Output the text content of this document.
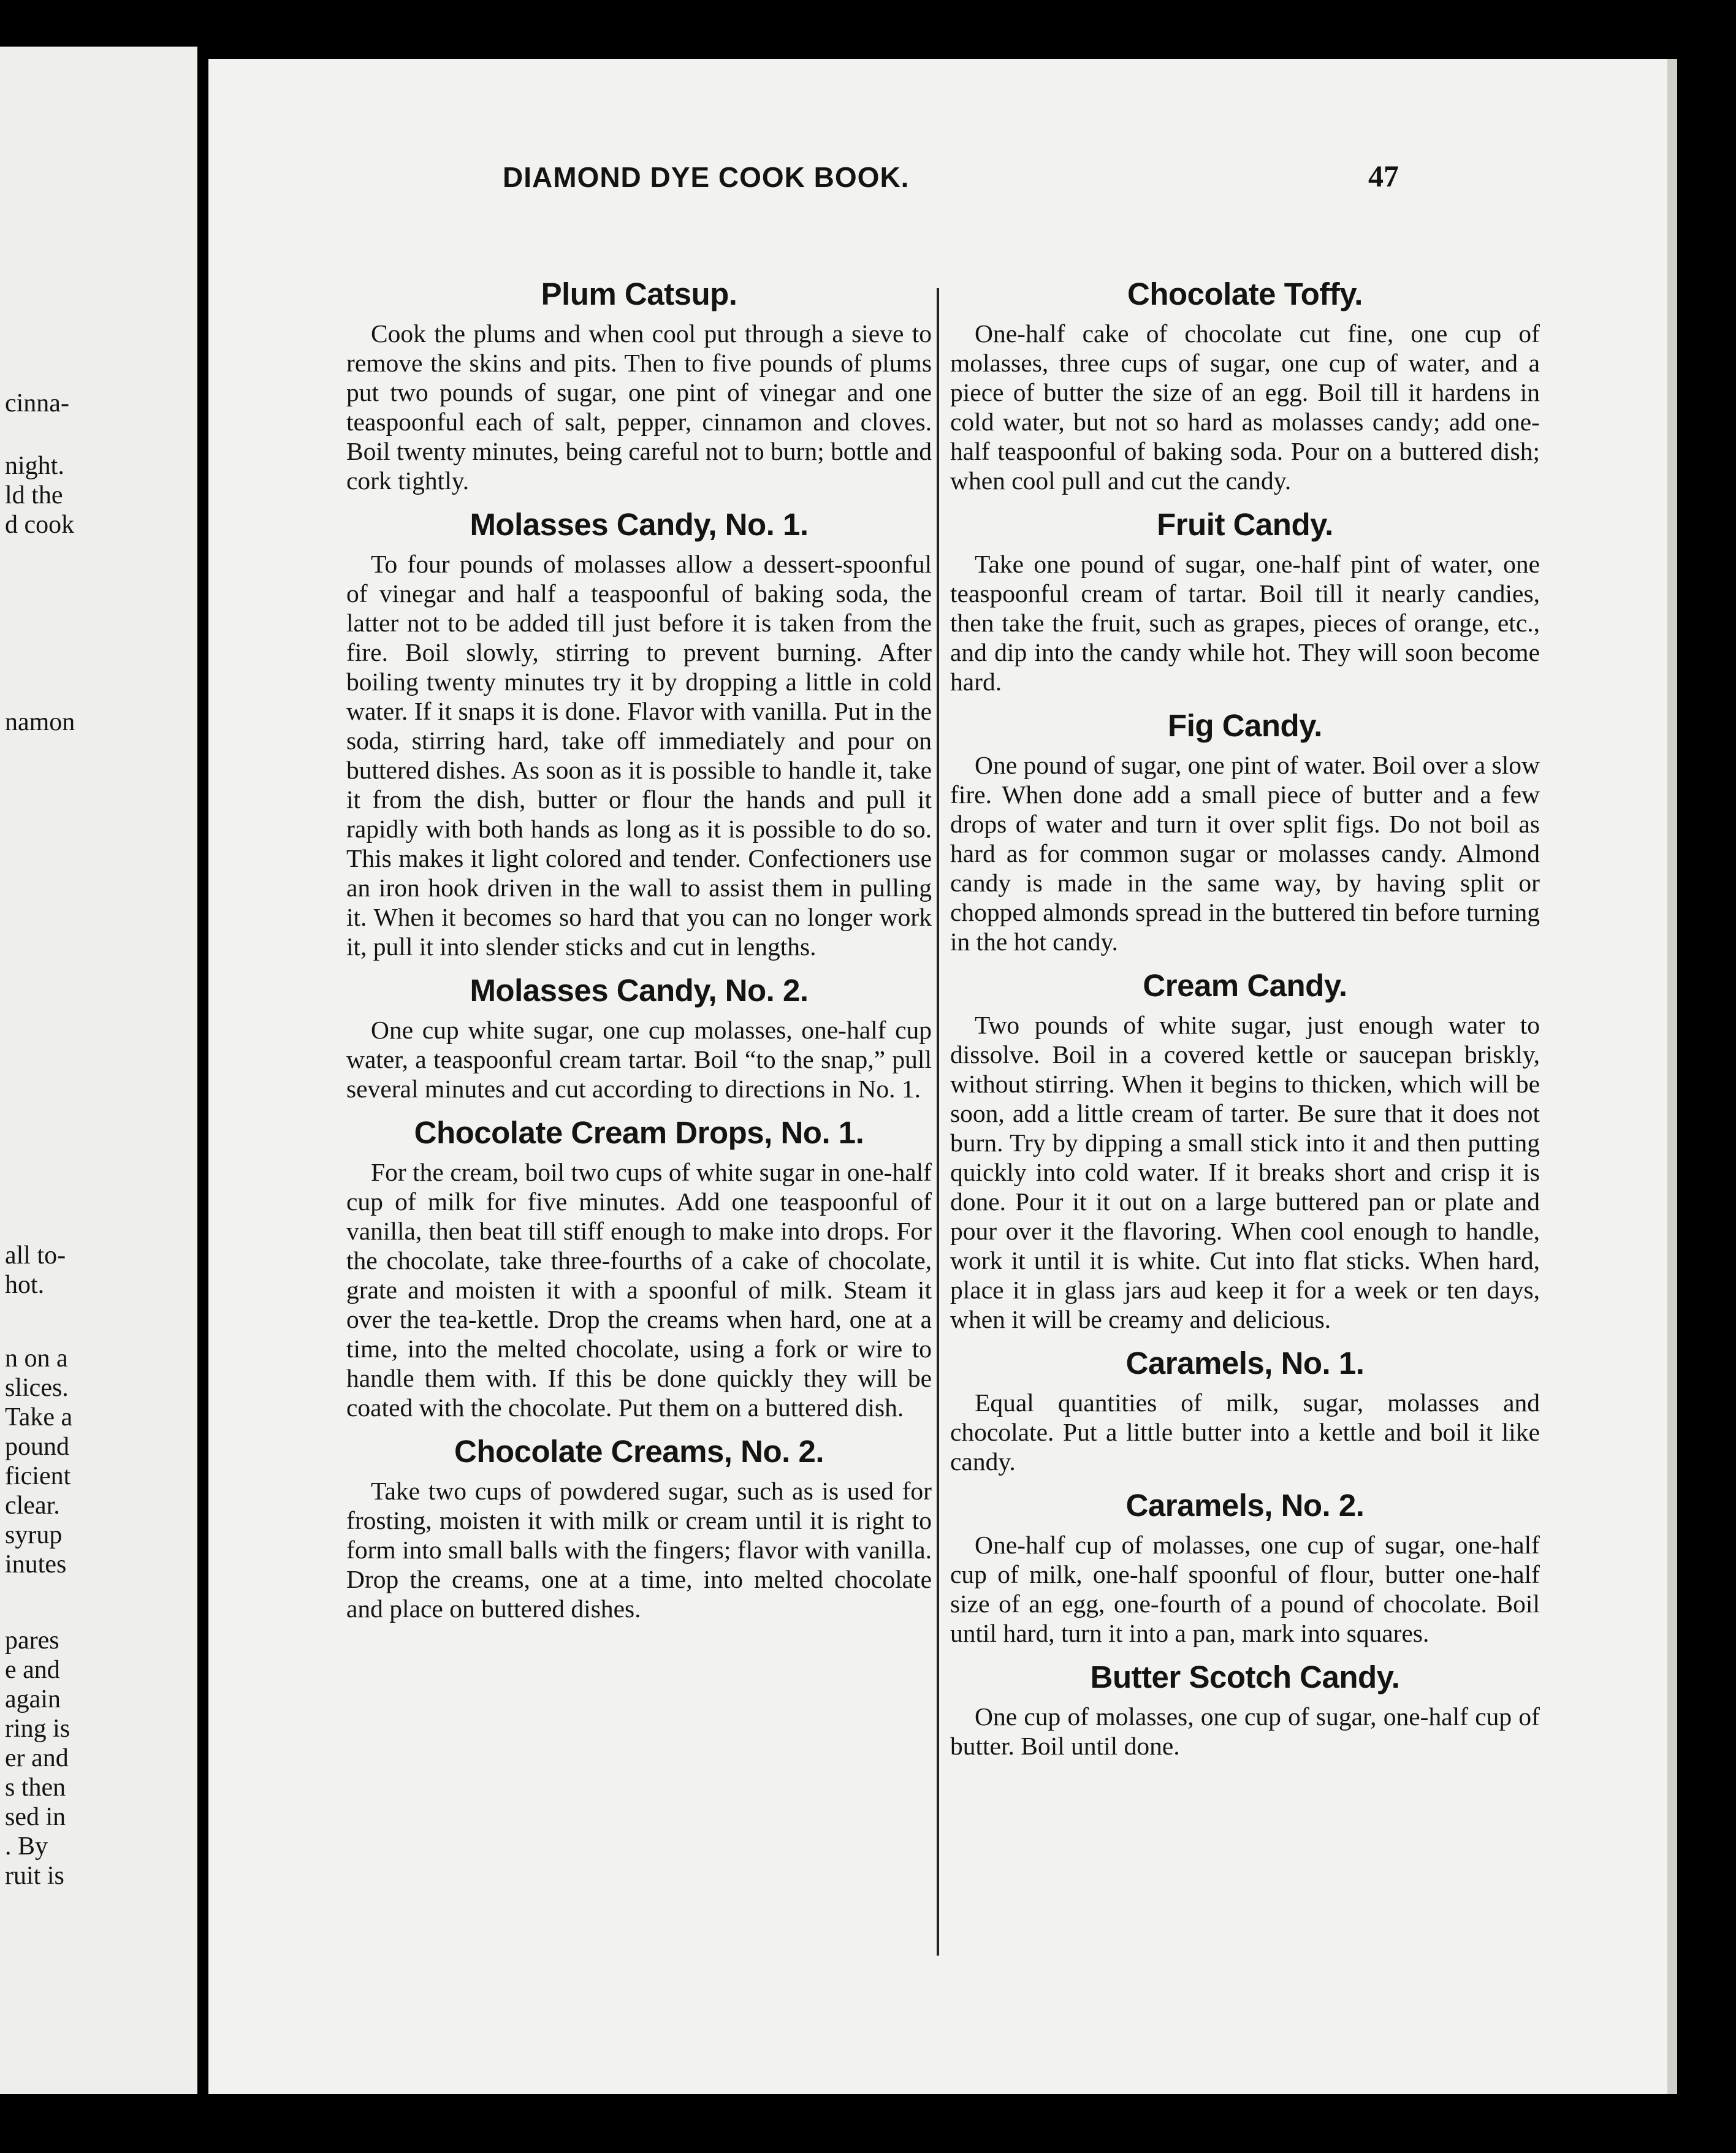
cinna-
night.
ld the
d cook
namon
all to-
hot.
n on a
slices.
Take a
pound
ficient
clear.
syrup
inutes
pares
e and
again
ring is
er and
s then
sed in
. By
ruit is
DIAMOND DYE COOK BOOK.	47
Plum Catsup.

Cook the plums and when cool put through a sieve to remove the skins and pits. Then to five pounds of plums put two pounds of sugar, one pint of vinegar and one teaspoonful each of salt, pepper, cinnamon and cloves. Boil twenty minutes, being careful not to burn; bottle and cork tightly.

Molasses Candy, No. 1.

To four pounds of molasses allow a dessert-spoonful of vinegar and half a teaspoonful of baking soda, the latter not to be added till just before it is taken from the fire. Boil slowly, stirring to prevent burning. After boiling twenty minutes try it by dropping a little in cold water. If it snaps it is done. Flavor with vanilla. Put in the soda, stirring hard, take off immediately and pour on buttered dishes. As soon as it is possible to handle it, take it from the dish, butter or flour the hands and pull it rapidly with both hands as long as it is possible to do so. This makes it light colored and tender. Confectioners use an iron hook driven in the wall to assist them in pulling it. When it becomes so hard that you can no longer work it, pull it into slender sticks and cut in lengths.

Molasses Candy, No. 2.

One cup white sugar, one cup molasses, one-half cup water, a teaspoonful cream tartar. Boil “to the snap,” pull several minutes and cut according to directions in No. 1.

Chocolate Cream Drops, No. 1.

For the cream, boil two cups of white sugar in one-half cup of milk for five minutes. Add one teaspoonful of vanilla, then beat till stiff enough to make into drops. For the chocolate, take three-fourths of a cake of chocolate, grate and moisten it with a spoonful of milk. Steam it over the tea-kettle. Drop the creams when hard, one at a time, into the melted chocolate, using a fork or wire to handle them with. If this be done quickly they will be coated with the chocolate. Put them on a buttered dish.

Chocolate Creams, No. 2.

Take two cups of powdered sugar, such as is used for frosting, moisten it with milk or cream until it is right to form into small balls with the fingers; flavor with vanilla. Drop the creams, one at a time, into melted chocolate and place on buttered dishes.

Chocolate Toffy.

One-half cake of chocolate cut fine, one cup of molasses, three cups of sugar, one cup of water, and a piece of butter the size of an egg. Boil till it hardens in cold water, but not so hard as molasses candy; add one-half teaspoonful of baking soda. Pour on a buttered dish; when cool pull and cut the candy.

Fruit Candy.

Take one pound of sugar, one-half pint of water, one teaspoonful cream of tartar. Boil till it nearly candies, then take the fruit, such as grapes, pieces of orange, etc., and dip into the candy while hot. They will soon become hard.

Fig Candy.

One pound of sugar, one pint of water. Boil over a slow fire. When done add a small piece of butter and a few drops of water and turn it over split figs. Do not boil as hard as for common sugar or molasses candy. Almond candy is made in the same way, by having split or chopped almonds spread in the buttered tin before turning in the hot candy.

Cream Candy.

Two pounds of white sugar, just enough water to dissolve. Boil in a covered kettle or saucepan briskly, without stirring. When it begins to thicken, which will be soon, add a little cream of tarter. Be sure that it does not burn. Try by dipping a small stick into it and then putting quickly into cold water. If it breaks short and crisp it is done. Pour it it out on a large buttered pan or plate and pour over it the flavoring. When cool enough to handle, work it until it is white. Cut into flat sticks. When hard, place it in glass jars aud keep it for a week or ten days, when it will be creamy and delicious.

Caramels, No. 1.

Equal quantities of milk, sugar, molasses and chocolate. Put a little butter into a kettle and boil it like candy.

Caramels, No. 2.

One-half cup of molasses, one cup of sugar, one-half cup of milk, one-half spoonful of flour, butter one-half size of an egg, one-fourth of a pound of chocolate. Boil until hard, turn it into a pan, mark into squares.

Butter Scotch Candy.

One cup of molasses, one cup of sugar, one-half cup of butter. Boil until done.
